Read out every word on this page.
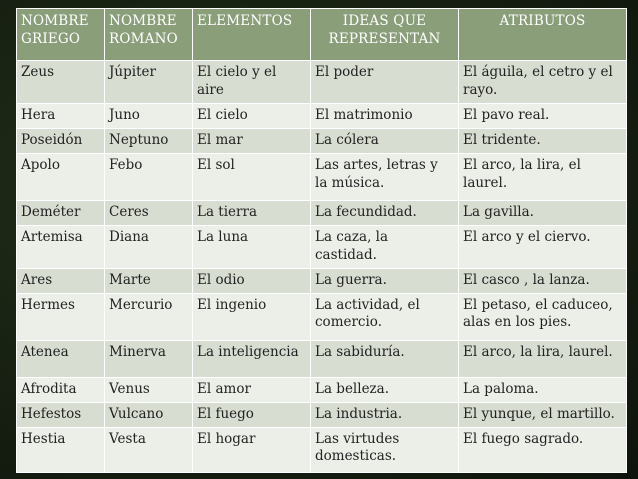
NOMBRE GRIEGO	NOMBRE ROMANO	ELEMENTOS	IDEAS QUE REPRESENTAN	ATRIBUTOS
Zeus	Júpiter	El cielo y el aire	El poder	El águila, el cetro y el rayo.
Hera	Juno	El cielo	El matrimonio	El pavo real.
Poseidón	Neptuno	El mar	La cólera	El tridente.
Apolo	Febo	El sol	Las artes, letras y la música.	El arco, la lira, el laurel.
Deméter	Ceres	La tierra	La fecundidad.	La gavilla.
Artemisa	Diana	La luna	La caza, la castidad.	El arco y el ciervo.
Ares	Marte	El odio	La guerra.	El casco , la lanza.
Hermes	Mercurio	El ingenio	La actividad, el comercio.	El petaso, el caduceo, alas en los pies.
Atenea	Minerva	La inteligencia	La sabiduría.	El arco, la lira, laurel.
Afrodita	Venus	El amor	La belleza.	La paloma.
Hefestos	Vulcano	El fuego	La industria.	El yunque, el martillo.
Hestia	Vesta	El hogar	Las virtudes domesticas.	El fuego sagrado.
